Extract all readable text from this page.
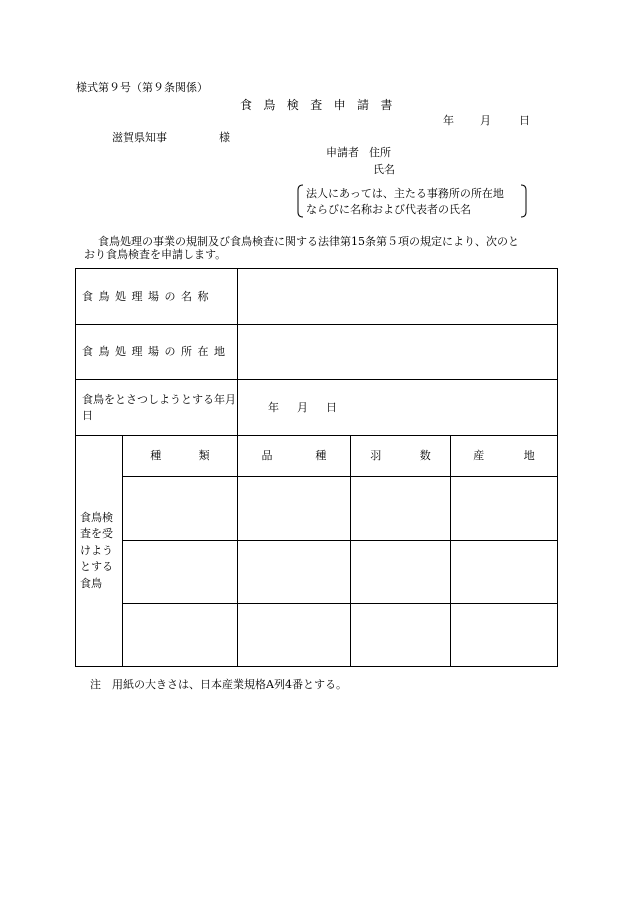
様式第９号（第９条関係）
食鳥検査申請書
年 月	日
滋賀県知事	様
申請者 住所
氏名
法人にあっては、主たる事務所の所在地
ならびに名称および代表者の氏名
食鳥処理の事業の規制及び食鳥検査に関する法律第15条第５項の規定により、次のと
おり食鳥検査を申請します。
食鳥処理場の名称				
食鳥処理場の所在地				
食鳥をとさつしようとする年月日		年 月 日		
食鳥検査を受けようとする食鳥	種類	品種	羽数	産地

注　用紙の大きさは、日本産業規格A列4番とする。
